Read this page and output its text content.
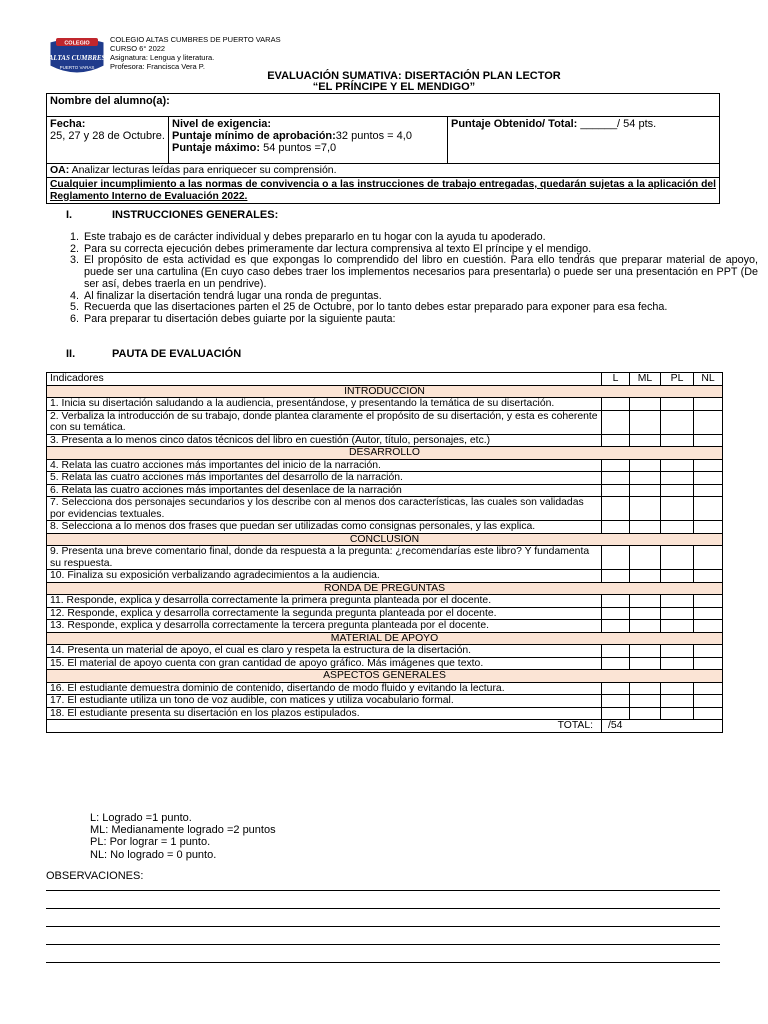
COLEGIO
ALTAS CUMBRES
PUERTO VARAS
COLEGIO ALTAS CUMBRES DE PUERTO VARAS
CURSO 6° 2022
Asignatura: Lengua y literatura.
Profesora: Francisca Vera P.
EVALUACIÓN SUMATIVA: DISERTACIÓN PLAN LECTOR
“EL PRÍNCIPE Y EL MENDIGO”
Nombre del alumno(a):

Fecha:
25, 27 y 28 de Octubre.

Nivel de exigencia:
Puntaje mínimo de aprobación:32 puntos = 4,0
Puntaje máximo: 54 puntos =7,0
	Puntaje Obtenido/ Total: ______/ 54 pts.
OA: Analizar lecturas leídas para enriquecer su comprensión.
Cualquier incumplimiento a las normas de convivencia o a las instrucciones de trabajo entregadas, quedarán sujetas a la aplicación del Reglamento Interno de Evaluación 2022.
I.	INSTRUCCIONES GENERALES:
1. Este trabajo es de carácter individual y debes prepararlo en tu hogar con la ayuda tu apoderado.
2. Para su correcta ejecución debes primeramente dar lectura comprensiva al texto El príncipe y el mendigo.
3. El propósito de esta actividad es que expongas lo comprendido del libro en cuestión. Para ello tendrás que preparar material de apoyo, puede ser una cartulina (En cuyo caso debes traer los implementos necesarios para presentarla) o puede ser una presentación en PPT (De ser así, debes traerla en un pendrive).
4. Al finalizar la disertación tendrá lugar una ronda de preguntas.
5. Recuerda que las disertaciones parten el 25 de Octubre, por lo tanto debes estar preparado para exponer para esa fecha.
6. Para preparar tu disertación debes guiarte por la siguiente pauta:
II.	PAUTA DE EVALUACIÓN
Indicadores	L	ML	PL	NL
INTRODUCCIÓN				
1. Inicia su disertación saludando a la audiencia, presentándose, y presentando la temática de su disertación.				
2. Verbaliza la introducción de su trabajo, donde plantea claramente el propósito de su disertación, y esta es coherente con su temática.				
3. Presenta a lo menos cinco datos técnicos del libro en cuestión (Autor, título, personajes, etc.)				
DESARROLLO				
4. Relata las cuatro acciones más importantes del inicio de la narración.				
5. Relata las cuatro acciones más importantes del desarrollo de la narración.				
6. Relata las cuatro acciones más importantes del desenlace de la narración				
7. Selecciona dos personajes secundarios y los describe con al menos dos características, las cuales son validadas por evidencias textuales.				
8. Selecciona a lo menos dos frases que puedan ser utilizadas como consignas personales, y las explica.				
CONCLUSIÓN				
9. Presenta una breve comentario final, donde da respuesta a la pregunta: ¿recomendarías este libro? Y fundamenta su respuesta.				
10. Finaliza su exposición verbalizando agradecimientos a la audiencia.				
RONDA DE PREGUNTAS				
11. Responde, explica y desarrolla correctamente la primera pregunta planteada por el docente.				
12. Responde, explica y desarrolla correctamente la segunda pregunta planteada por el docente.				
13. Responde, explica y desarrolla correctamente la tercera pregunta planteada por el docente.				
MATERIAL DE APOYO				
14. Presenta un material de apoyo, el cual es claro y respeta la estructura de la disertación.				
15. El material de apoyo cuenta con gran cantidad de apoyo gráfico. Más imágenes que texto.				
ASPECTOS GENERALES				
16. El estudiante demuestra dominio de contenido, disertando de modo fluido y evitando la lectura.				
17. El estudiante utiliza un tono de voz audible, con matices y utiliza vocabulario formal.				
18. El estudiante presenta su disertación en los plazos estipulados.				
TOTAL:	/54			
L: Logrado =1 punto.
ML: Medianamente logrado =2 puntos
PL: Por lograr = 1 punto.
NL: No logrado = 0 punto.
OBSERVACIONES:
